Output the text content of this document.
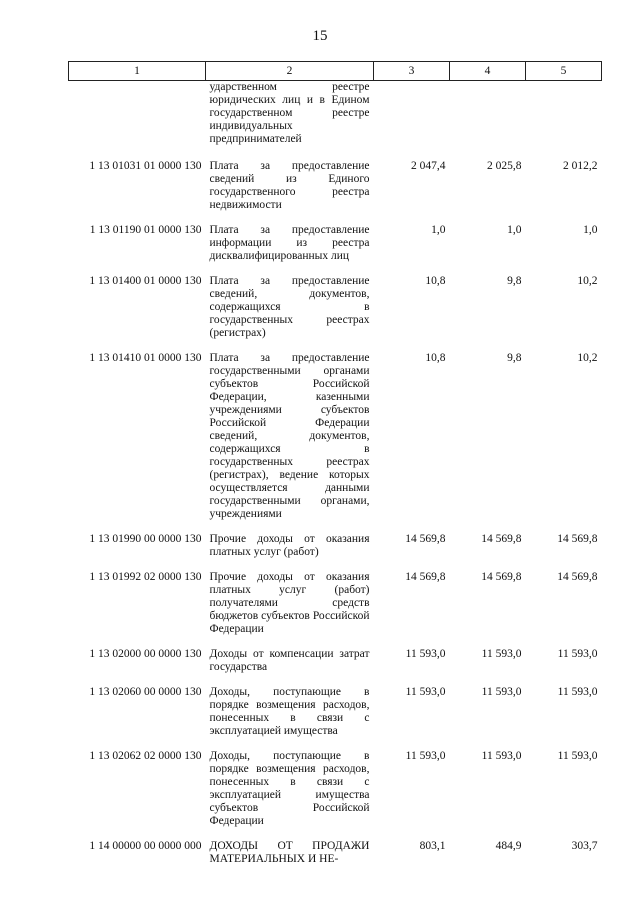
15
1	2	3	4	5
	ударственном реестре юридических лиц и в Едином государственном реестре индивидуальных предпринимателей			
1 13 01031 01 0000 130	Плата за предоставление сведений из Единого государственного реестра недвижимости	2 047,4	2 025,8	2 012,2
1 13 01190 01 0000 130	Плата за предоставление информации из реестра дисквалифицированных лиц	1,0	1,0	1,0
1 13 01400 01 0000 130	Плата за предоставление сведений, документов, содержащихся в государственных реестрах (регистрах)	10,8	9,8	10,2
1 13 01410 01 0000 130	Плата за предоставление государственными органами субъектов Российской Федерации, казенными учреждениями субъектов Российской Федерации сведений, документов, содержащихся в государственных реестрах (регистрах), ведение которых осуществляется данными государственными органами, учреждениями	10,8	9,8	10,2
1 13 01990 00 0000 130	Прочие доходы от оказания платных услуг (работ)	14 569,8	14 569,8	14 569,8
1 13 01992 02 0000 130	Прочие доходы от оказания платных услуг (работ) получателями средств бюджетов субъектов Российской Федерации	14 569,8	14 569,8	14 569,8
1 13 02000 00 0000 130	Доходы от компенсации затрат государства	11 593,0	11 593,0	11 593,0
1 13 02060 00 0000 130	Доходы, поступающие в порядке возмещения расходов, понесенных в связи с эксплуатацией имущества	11 593,0	11 593,0	11 593,0
1 13 02062 02 0000 130	Доходы, поступающие в порядке возмещения расходов, понесенных в связи с эксплуатацией имущества субъектов Российской Федерации	11 593,0	11 593,0	11 593,0
1 14 00000 00 0000 000	ДОХОДЫ ОТ ПРОДАЖИ МАТЕРИАЛЬНЫХ И НЕ-	803,1	484,9	303,7
